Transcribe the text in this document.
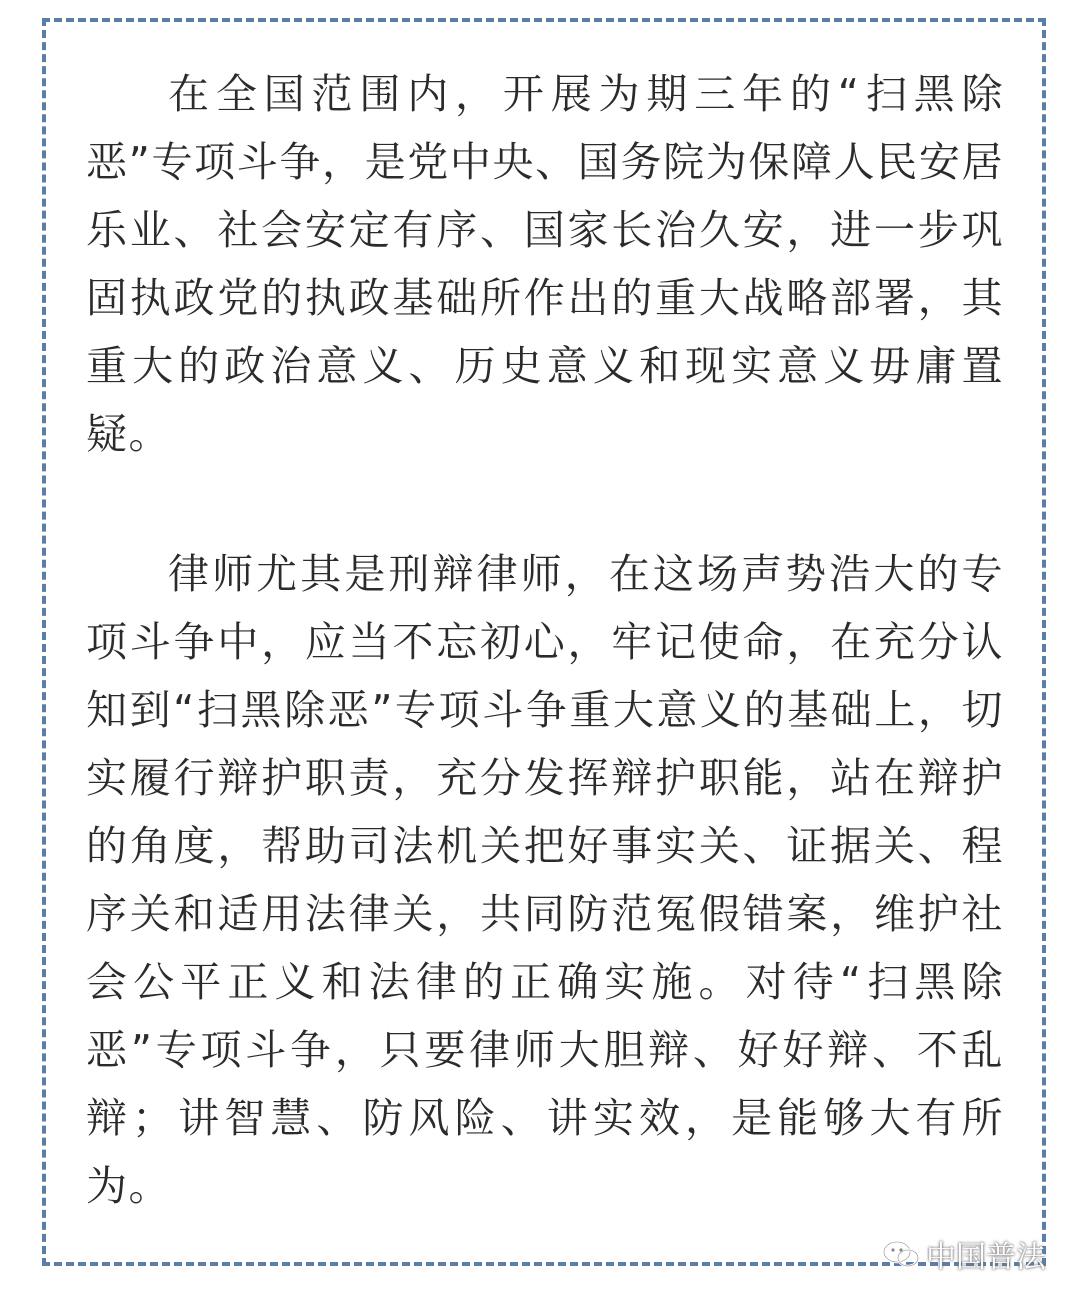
在全国范围内，开展为期三年的“扫黑除恶”专项斗争，是党中央、国务院为保障人民安居乐业、社会安定有序、国家长治久安，进一步巩固执政党的执政基础所作出的重大战略部署，其重大的政治意义、历史意义和现实意义毋庸置疑。

律师尤其是刑辩律师，在这场声势浩大的专项斗争中，应当不忘初心，牢记使命，在充分认知到“扫黑除恶”专项斗争重大意义的基础上，切实履行辩护职责，充分发挥辩护职能，站在辩护的角度，帮助司法机关把好事实关、证据关、程序关和适用法律关，共同防范冤假错案，维护社会公平正义和法律的正确实施。对待“扫黑除恶”专项斗争，只要律师大胆辩、好好辩、不乱辩；讲智慧、防风险、讲实效，是能够大有所为。

中国普法
